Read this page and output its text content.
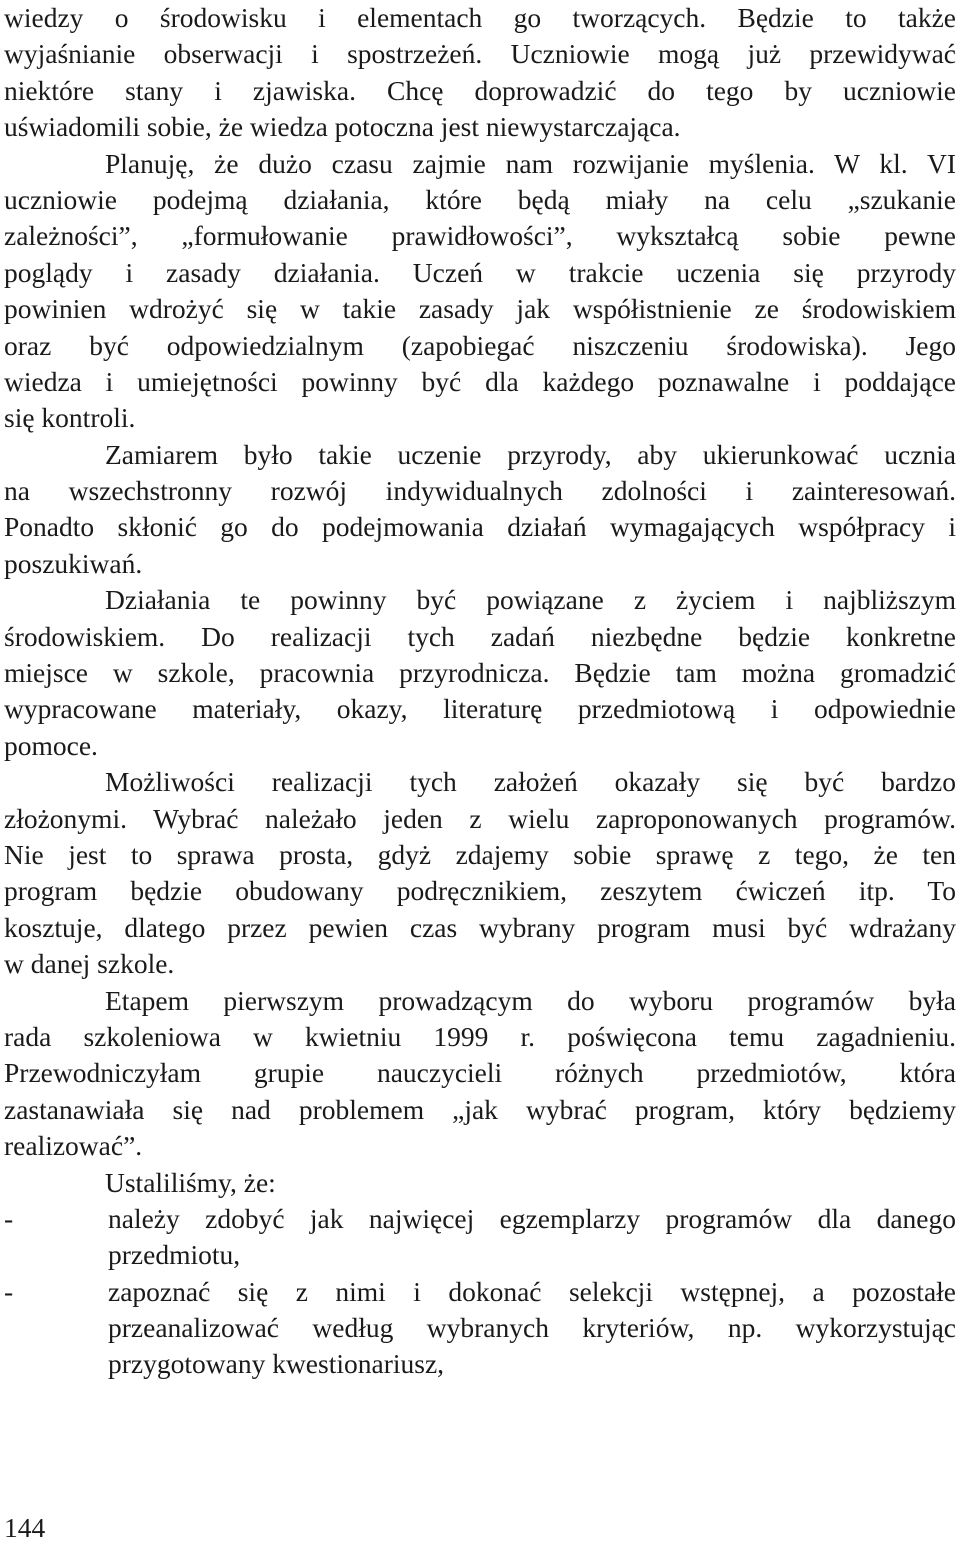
wiedzy o środowisku i elementach go tworzących. Będzie to także
wyjaśnianie obserwacji i spostrzeżeń. Uczniowie mogą już przewidywać
niektóre stany i zjawiska. Chcę doprowadzić do tego by uczniowie
uświadomili sobie, że wiedza potoczna jest niewystarczająca.
Planuję, że dużo czasu zajmie nam rozwijanie myślenia. W kl. VI
uczniowie podejmą działania, które będą miały na celu „szukanie
zależności”, „formułowanie prawidłowości”, wykształcą sobie pewne
poglądy i zasady działania. Uczeń w trakcie uczenia się przyrody
powinien wdrożyć się w takie zasady jak współistnienie ze środowiskiem
oraz być odpowiedzialnym (zapobiegać niszczeniu środowiska). Jego
wiedza i umiejętności powinny być dla każdego poznawalne i poddające
się kontroli.
Zamiarem było takie uczenie przyrody, aby ukierunkować ucznia
na wszechstronny rozwój indywidualnych zdolności i zainteresowań.
Ponadto skłonić go do podejmowania działań wymagających współpracy i
poszukiwań.
Działania te powinny być powiązane z życiem i najbliższym
środowiskiem. Do realizacji tych zadań niezbędne będzie konkretne
miejsce w szkole, pracownia przyrodnicza. Będzie tam można gromadzić
wypracowane materiały, okazy, literaturę przedmiotową i odpowiednie
pomoce.
Możliwości realizacji tych założeń okazały się być bardzo
złożonymi. Wybrać należało jeden z wielu zaproponowanych programów.
Nie jest to sprawa prosta, gdyż zdajemy sobie sprawę z tego, że ten
program będzie obudowany podręcznikiem, zeszytem ćwiczeń itp. To
kosztuje, dlatego przez pewien czas wybrany program musi być wdrażany
w danej szkole.
Etapem pierwszym prowadzącym do wyboru programów była
rada szkoleniowa w kwietniu 1999 r. poświęcona temu zagadnieniu.
Przewodniczyłam grupie nauczycieli różnych przedmiotów, która
zastanawiała się nad problemem „jak wybrać program, który będziemy
realizować”.
Ustaliliśmy, że:
-	należy zdobyć jak najwięcej egzemplarzy programów dla danego
przedmiotu,
-	zapoznać się z nimi i dokonać selekcji wstępnej, a pozostałe
przeanalizować według wybranych kryteriów, np. wykorzystując
przygotowany kwestionariusz,
144
